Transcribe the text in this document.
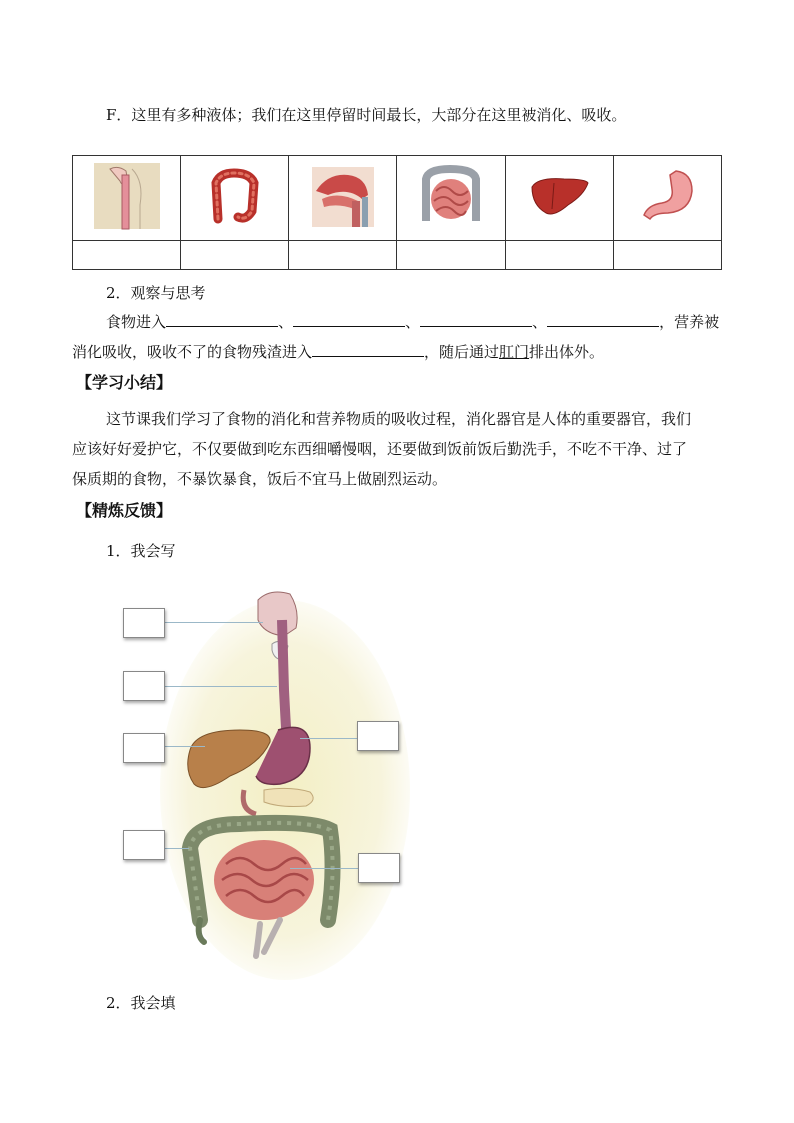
F．这里有多种液体；我们在这里停留时间最长，大部分在这里被消化、吸收。

2．观察与思考
食物进入	、	、	、	，营养被
消化吸收，吸收不了的食物残渣进入	，随后通过肛门排出体外。
【学习小结】
这节课我们学习了食物的消化和营养物质的吸收过程，消化器官是人体的重要器官，我们
应该好好爱护它，不仅要做到吃东西细嚼慢咽，还要做到饭前饭后勤洗手，不吃不干净、过了
保质期的食物，不暴饮暴食，饭后不宜马上做剧烈运动。
【精炼反馈】
1．我会写
2．我会填
